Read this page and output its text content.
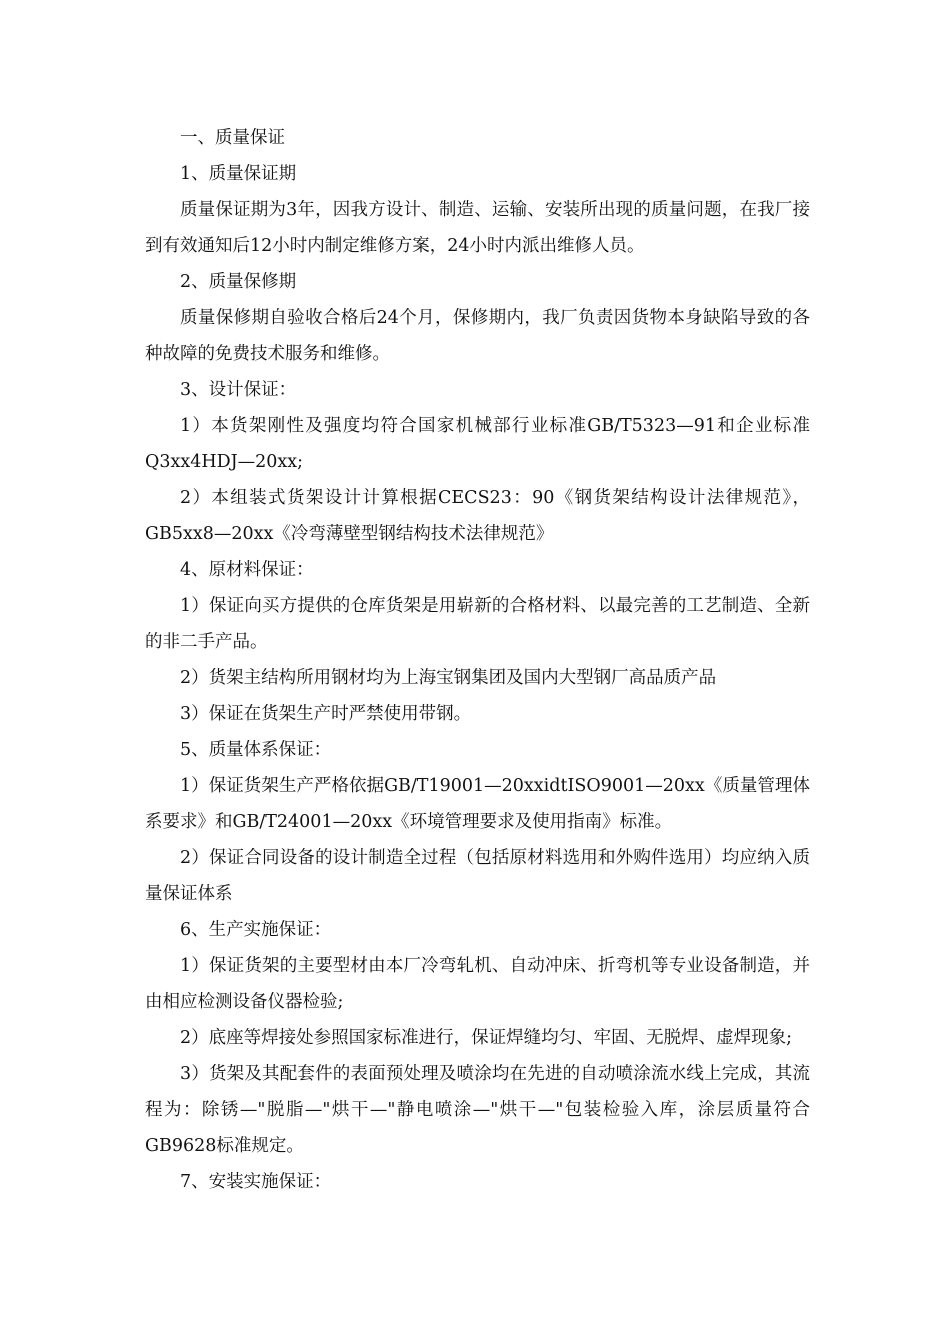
一、质量保证

1、质量保证期

质量保证期为3年，因我方设计、制造、运输、安装所出现的质量问题，在我厂接到有效通知后12小时内制定维修方案，24小时内派出维修人员。

2、质量保修期

质量保修期自验收合格后24个月，保修期内，我厂负责因货物本身缺陷导致的各种故障的免费技术服务和维修。

3、设计保证：

1）本货架刚性及强度均符合国家机械部行业标准GB/T5323—91和企业标准Q3xx4HDJ—20xx;

2）本组装式货架设计计算根据CECS23：90《钢货架结构设计法律规范》，GB5xx8—20xx《冷弯薄壁型钢结构技术法律规范》

4、原材料保证：

1）保证向买方提供的仓库货架是用崭新的合格材料、以最完善的工艺制造、全新的非二手产品。

2）货架主结构所用钢材均为上海宝钢集团及国内大型钢厂高品质产品

3）保证在货架生产时严禁使用带钢。

5、质量体系保证：

1）保证货架生产严格依据GB/T19001—20xxidtISO9001—20xx《质量管理体系要求》和GB/T24001—20xx《环境管理要求及使用指南》标准。

2）保证合同设备的设计制造全过程（包括原材料选用和外购件选用）均应纳入质量保证体系

6、生产实施保证：

1）保证货架的主要型材由本厂冷弯轧机、自动冲床、折弯机等专业设备制造，并由相应检测设备仪器检验;

2）底座等焊接处参照国家标准进行，保证焊缝均匀、牢固、无脱焊、虚焊现象;

3）货架及其配套件的表面预处理及喷涂均在先进的自动喷涂流水线上完成，其流程为：除锈—"脱脂—"烘干—"静电喷涂—"烘干—"包装检验入库，涂层质量符合GB9628标准规定。

7、安装实施保证：
